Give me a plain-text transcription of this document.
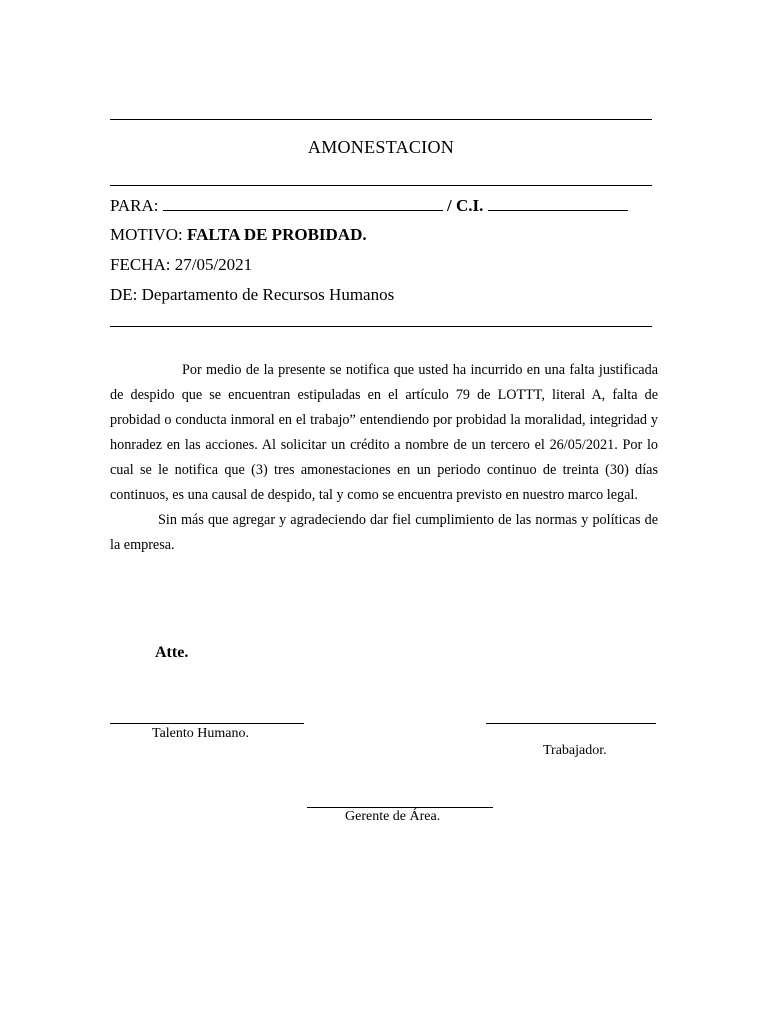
AMONESTACION
PARA:	/ C.I.
MOTIVO: FALTA DE PROBIDAD.
FECHA: 27/05/2021
DE: Departamento de Recursos Humanos

Por medio de la presente se notifica que usted ha incurrido en una falta justificada de despido que se encuentran estipuladas en el artículo 79 de LOTTT, literal A, falta de probidad o conducta inmoral en el trabajo” entendiendo por probidad la moralidad, integridad y honradez en las acciones. Al solicitar un crédito a nombre de un tercero el 26/05/2021. Por lo cual se le notifica que (3) tres amonestaciones en un periodo continuo de treinta (30) días continuos, es una causal de despido, tal y como se encuentra previsto en nuestro marco legal.

Sin más que agregar y agradeciendo dar fiel cumplimiento de las normas y políticas de la empresa.

Atte.
Talento Humano.
Trabajador.
Gerente de Área.
